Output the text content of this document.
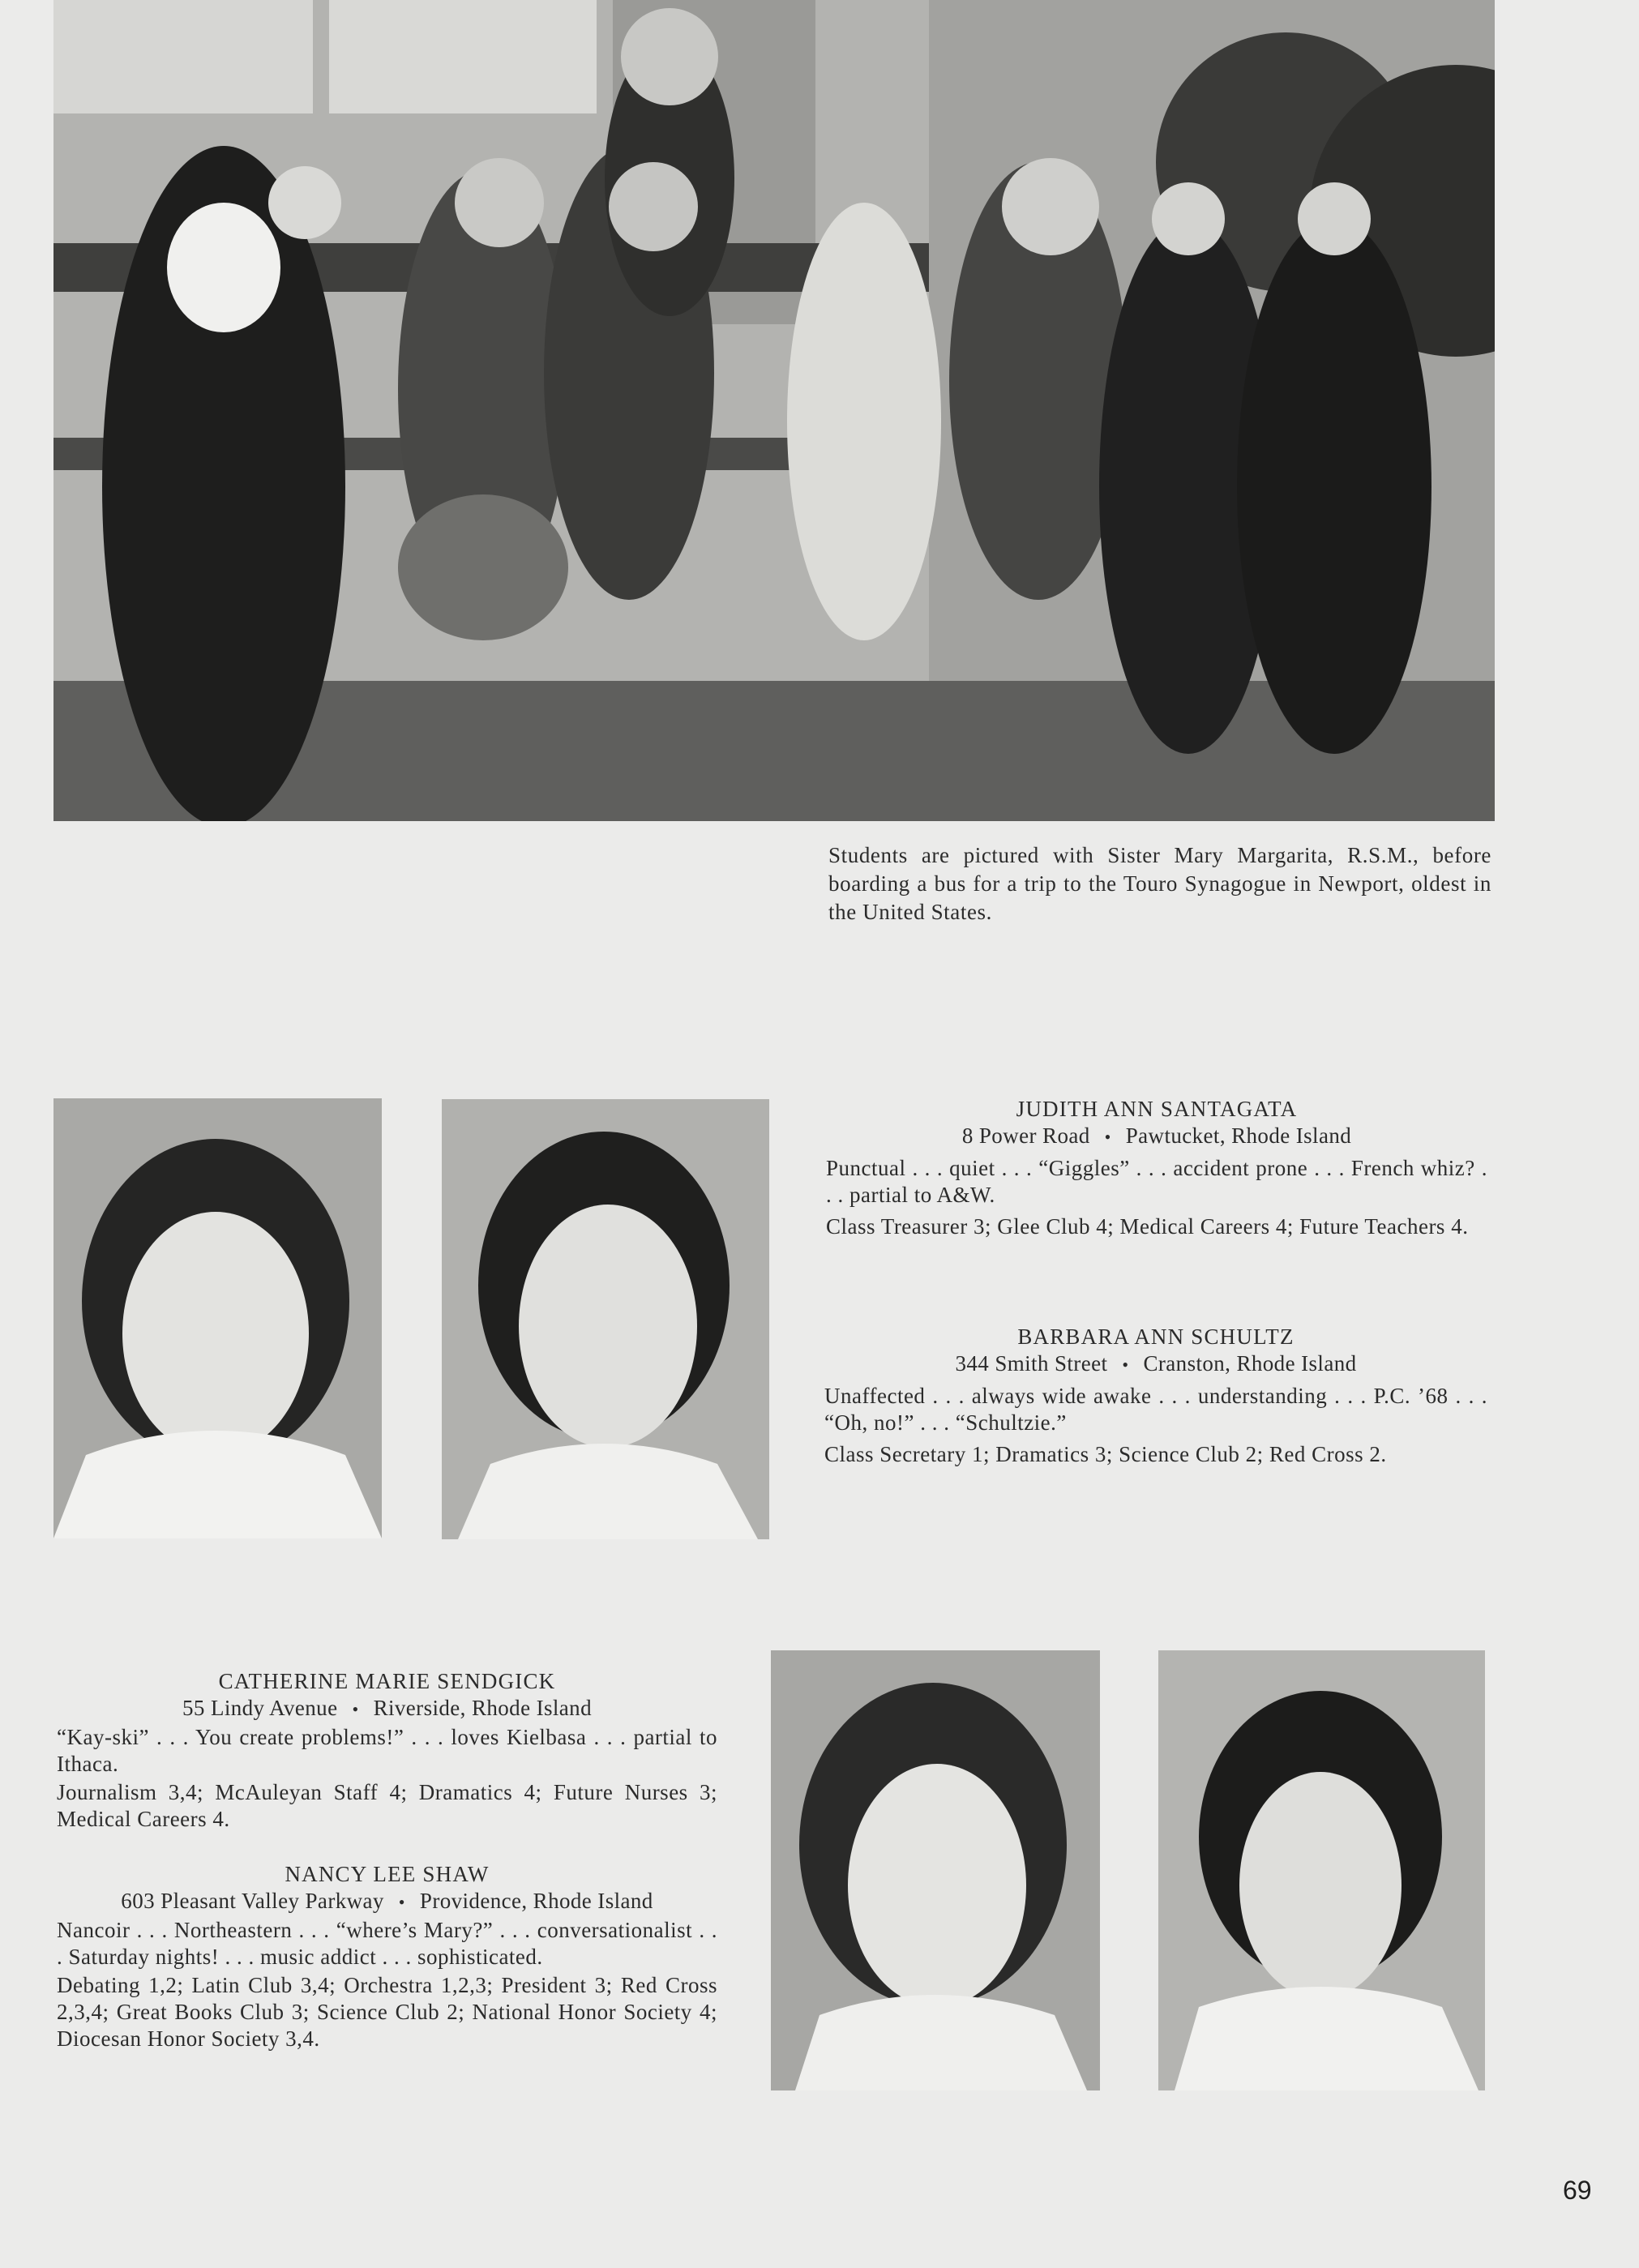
Students are pictured with Sister Mary Margarita, R.S.M., before boarding a bus for a trip to the Touro Synagogue in Newport, oldest in the United States.

JUDITH ANN SANTAGATA

8 Power Road • Pawtucket, Rhode Island

Punctual . . . quiet . . . “Giggles” . . . accident prone . . . French whiz? . . . partial to A&W.

Class Treasurer 3; Glee Club 4; Medical Careers 4; Future Teachers 4.

BARBARA ANN SCHULTZ

344 Smith Street • Cranston, Rhode Island

Unaffected . . . always wide awake . . . understanding . . . P.C. ’68 . . . “Oh, no!” . . . “Schultzie.”

Class Secretary 1; Dramatics 3; Science Club 2; Red Cross 2.

CATHERINE MARIE SENDGICK

55 Lindy Avenue • Riverside, Rhode Island

“Kay-ski” . . . You create problems!” . . . loves Kielbasa . . . partial to Ithaca.

Journalism 3,4; McAuleyan Staff 4; Dramatics 4; Future Nurses 3; Medical Careers 4.

NANCY LEE SHAW

603 Pleasant Valley Parkway • Providence, Rhode Island

Nancoir . . . Northeastern . . . “where’s Mary?” . . . conversationalist . . . Saturday nights! . . . music addict . . . sophisticated.

Debating 1,2; Latin Club 3,4; Orchestra 1,2,3; President 3; Red Cross 2,3,4; Great Books Club 3; Science Club 2; National Honor Society 4; Diocesan Honor Society 3,4.

69
